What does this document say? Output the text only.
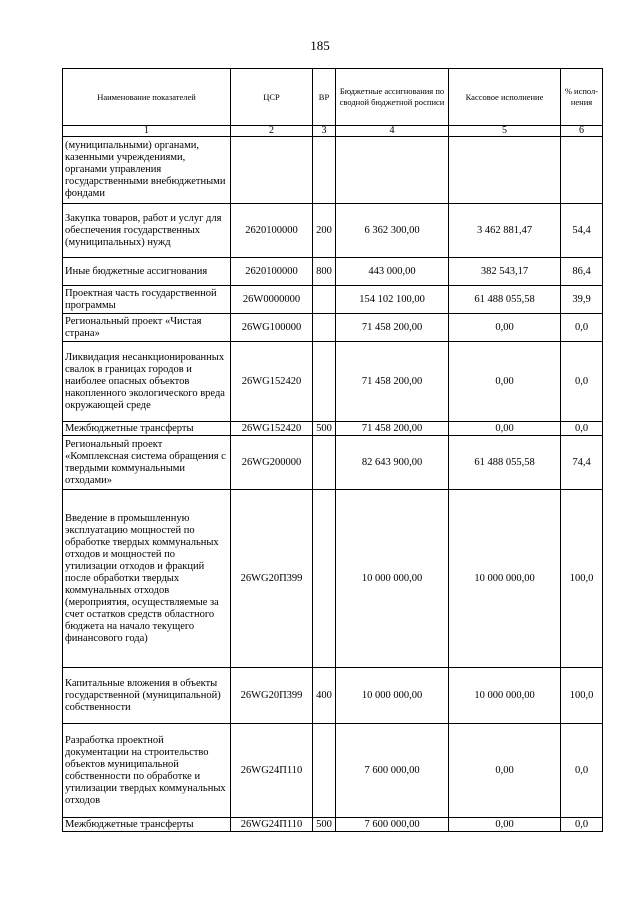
185
Наименование показателей	ЦСР	ВР	Бюджетные ассигнования по сводной бюджетной росписи	Кассовое исполнение	% испол-нения
1	2	3	4	5	6
(муниципальными) органами, казенными учреждениями, органами управления государственными внебюджетными фондами					
Закупка товаров, работ и услуг для обеспечения государственных (муниципальных) нужд	2620100000	200	6 362 300,00	3 462 881,47	54,4
Иные бюджетные ассигнования	2620100000	800	443 000,00	382 543,17	86,4
Проектная часть государственной программы	26W0000000		154 102 100,00	61 488 055,58	39,9
Региональный проект «Чистая страна»	26WG100000		71 458 200,00	0,00	0,0
Ликвидация несанкционированных свалок в границах городов и наиболее опасных объектов накопленного экологического вреда окружающей среде	26WG152420		71 458 200,00	0,00	0,0
Межбюджетные трансферты	26WG152420	500	71 458 200,00	0,00	0,0
Региональный проект «Комплексная система обращения с твердыми коммунальными отходами»	26WG200000		82 643 900,00	61 488 055,58	74,4
Введение в промышленную эксплуатацию мощностей по обработке твердых коммунальных отходов и мощностей по утилизации отходов и фракций после обработки твердых коммунальных отходов (мероприятия, осуществляемые за счет остатков средств областного бюджета на начало текущего финансового года)	26WG20П399		10 000 000,00	10 000 000,00	100,0
Капитальные вложения в объекты государственной (муниципальной) собственности	26WG20П399	400	10 000 000,00	10 000 000,00	100,0
Разработка проектной документации на строительство объектов муниципальной собственности по обработке и утилизации твердых коммунальных отходов	26WG24П110		7 600 000,00	0,00	0,0
Межбюджетные трансферты	26WG24П110	500	7 600 000,00	0,00	0,0
